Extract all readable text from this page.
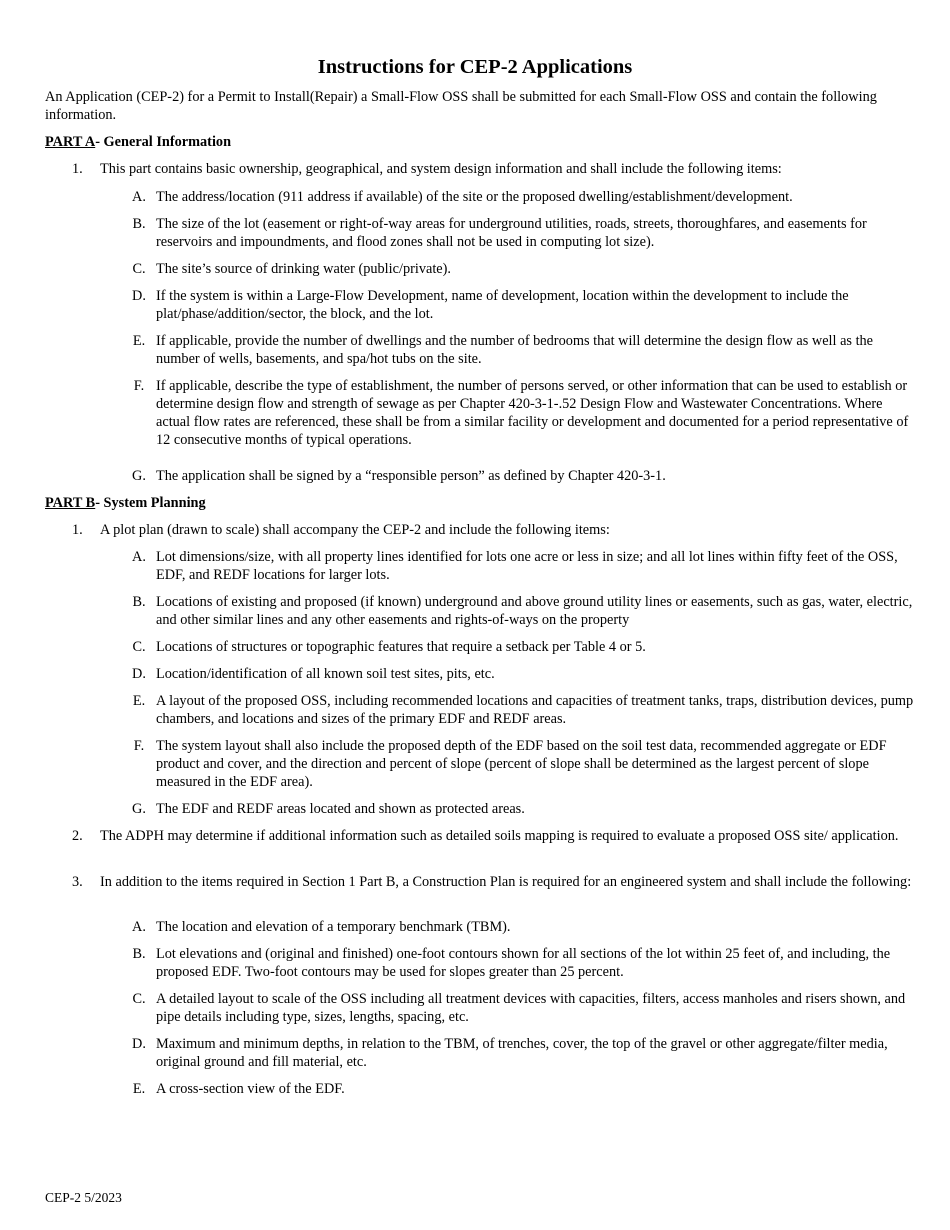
Instructions for CEP-2 Applications
An Application (CEP-2) for a Permit to Install(Repair) a Small-Flow OSS shall be submitted for each Small-Flow OSS and contain the following information.
PART A- General Information
1. This part contains basic ownership, geographical, and system design information and shall include the following items:
A. The address/location (911 address if available) of the site or the proposed dwelling/establishment/development.
B. The size of the lot (easement or right-of-way areas for underground utilities, roads, streets, thoroughfares, and easements for reservoirs and impoundments, and flood zones shall not be used in computing lot size).
C. The site’s source of drinking water (public/private).
D. If the system is within a Large-Flow Development, name of development, location within the development to include the plat/phase/addition/sector, the block, and the lot.
E. If applicable, provide the number of dwellings and the number of bedrooms that will determine the design flow as well as the number of wells, basements, and spa/hot tubs on the site.
F. If applicable, describe the type of establishment, the number of persons served, or other information that can be used to establish or determine design flow and strength of sewage as per Chapter 420-3-1-.52 Design Flow and Wastewater Concentrations. Where actual flow rates are referenced, these shall be from a similar facility or development and documented for a period representative of 12 consecutive months of typical operations.
G. The application shall be signed by a “responsible person” as defined by Chapter 420-3-1.
PART B- System Planning
1. A plot plan (drawn to scale) shall accompany the CEP-2 and include the following items:
A. Lot dimensions/size, with all property lines identified for lots one acre or less in size; and all lot lines within fifty feet of the OSS, EDF, and REDF locations for larger lots.
B. Locations of existing and proposed (if known) underground and above ground utility lines or easements, such as gas, water, electric, and other similar lines and any other easements and rights-of-ways on the property
C. Locations of structures or topographic features that require a setback per Table 4 or 5.
D. Location/identification of all known soil test sites, pits, etc.
E. A layout of the proposed OSS, including recommended locations and capacities of treatment tanks, traps, distribution devices, pump chambers, and locations and sizes of the primary EDF and REDF areas.
F. The system layout shall also include the proposed depth of the EDF based on the soil test data, recommended aggregate or EDF product and cover, and the direction and percent of slope (percent of slope shall be determined as the largest percent of slope measured in the EDF area).
G. The EDF and REDF areas located and shown as protected areas.
2. The ADPH may determine if additional information such as detailed soils mapping is required to evaluate a proposed OSS site/ application.
3. In addition to the items required in Section 1 Part B, a Construction Plan is required for an engineered system and shall include the following:
A. The location and elevation of a temporary benchmark (TBM).
B. Lot elevations and (original and finished) one-foot contours shown for all sections of the lot within 25 feet of, and including, the proposed EDF. Two-foot contours may be used for slopes greater than 25 percent.
C. A detailed layout to scale of the OSS including all treatment devices with capacities, filters, access manholes and risers shown, and pipe details including type, sizes, lengths, spacing, etc.
D. Maximum and minimum depths, in relation to the TBM, of trenches, cover, the top of the gravel or other aggregate/filter media, original ground and fill material, etc.
E. A cross-section view of the EDF.
CEP-2 5/2023
